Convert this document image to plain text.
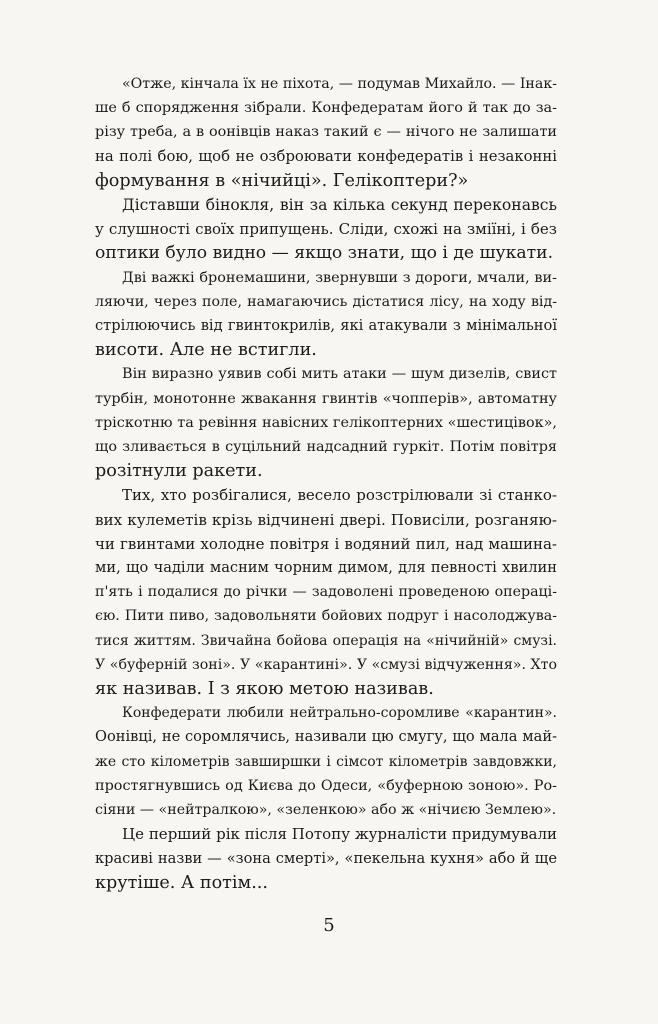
«Отже, кінчала їх не піхота, — подумав Михайло. — Інак-
ше б спорядження зібрали. Конфедератам його й так до за-
різу треба, а в оонівців наказ такий є — нічого не залишати
на полі бою, щоб не озброювати конфедератів і незаконні
формування в «нічийці». Гелікоптери?»

Діставши бінокля, він за кілька секунд переконавсь
у слушності своїх припущень. Сліди, схожі на зміїні, і без
оптики було видно — якщо знати, що і де шукати.

Дві важкі бронемашини, звернувши з дороги, мчали, ви-
ляючи, через поле, намагаючись дістатися лісу, на ходу від-
стрілюючись від гвинтокрилів, які атакували з мінімальної
висоти. Але не встигли.

Він виразно уявив собі мить атаки — шум дизелів, свист
турбін, монотонне жвакання гвинтів «чопперів», автоматну
тріскотню та ревіння навісних гелікоптерних «шестицівок»,
що зливається в суцільний надсадний гуркіт. Потім повітря
розітнули ракети.

Тих, хто розбігалися, весело розстрілювали зі станко-
вих кулеметів крізь відчинені двері. Повисіли, розганяю-
чи гвинтами холодне повітря і водяний пил, над машина-
ми, що чаділи масним чорним димом, для певності хвилин
п'ять і подалися до річки — задоволені проведеною операці-
єю. Пити пиво, задовольняти бойових подруг і насолоджува-
тися життям. Звичайна бойова операція на «нічийній» смузі.
У «буферній зоні». У «карантині». У «смузі відчуження». Хто
як називав. І з якою метою називав.

Конфедерати любили нейтрально-соромливе «карантин».
Оонівці, не соромлячись, називали цю смугу, що мала май-
же сто кілометрів завширшки і сімсот кілометрів завдовжки,
простягнувшись од Києва до Одеси, «буферною зоною». Ро-
сіяни — «нейтралкою», «зеленкою» або ж «нічиєю Землею».

Це перший рік після Потопу журналісти придумували
красиві назви — «зона смерті», «пекельна кухня» або й ще
крутіше. А потім...

5
